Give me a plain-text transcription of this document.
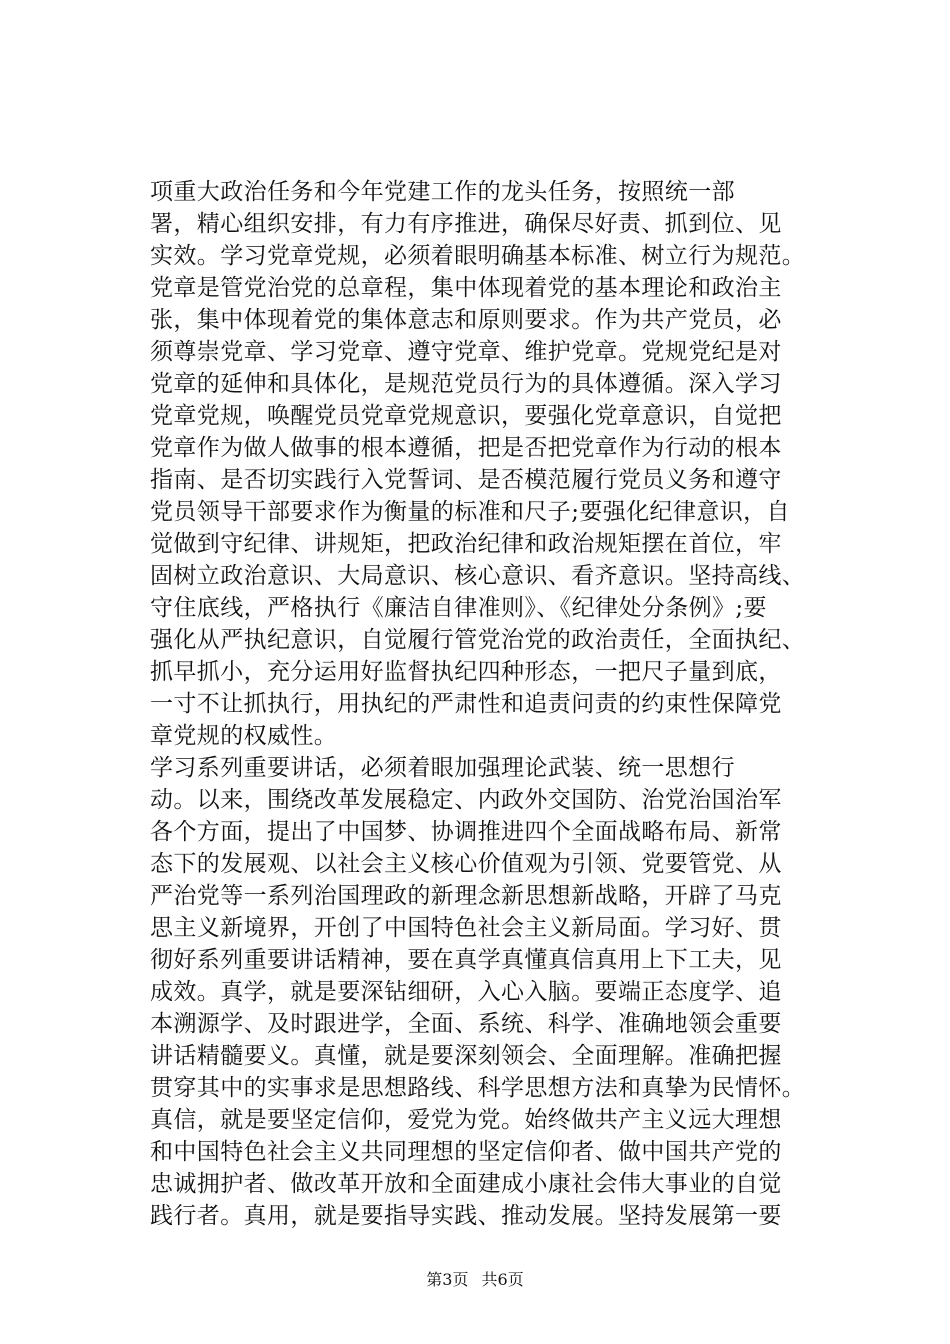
项重大政治任务和今年党建工作的龙头任务，按照统一部
署，精心组织安排，有力有序推进，确保尽好责、抓到位、见
实效。学习党章党规，必须着眼明确基本标准、树立行为规范。
党章是管党治党的总章程，集中体现着党的基本理论和政治主
张，集中体现着党的集体意志和原则要求。作为共产党员，必
须尊崇党章、学习党章、遵守党章、维护党章。党规党纪是对
党章的延伸和具体化，是规范党员行为的具体遵循。深入学习
党章党规，唤醒党员党章党规意识，要强化党章意识，自觉把
党章作为做人做事的根本遵循，把是否把党章作为行动的根本
指南、是否切实践行入党誓词、是否模范履行党员义务和遵守
党员领导干部要求作为衡量的标准和尺子;要强化纪律意识，自
觉做到守纪律、讲规矩，把政治纪律和政治规矩摆在首位，牢
固树立政治意识、大局意识、核心意识、看齐意识。坚持高线、
守住底线，严格执行《廉洁自律准则》、《纪律处分条例》;要
强化从严执纪意识，自觉履行管党治党的政治责任，全面执纪、
抓早抓小，充分运用好监督执纪四种形态，一把尺子量到底，
一寸不让抓执行，用执纪的严肃性和追责问责的约束性保障党
章党规的权威性。
学习系列重要讲话，必须着眼加强理论武装、统一思想行
动。以来，围绕改革发展稳定、内政外交国防、治党治国治军
各个方面，提出了中国梦、协调推进四个全面战略布局、新常
态下的发展观、以社会主义核心价值观为引领、党要管党、从
严治党等一系列治国理政的新理念新思想新战略，开辟了马克
思主义新境界，开创了中国特色社会主义新局面。学习好、贯
彻好系列重要讲话精神，要在真学真懂真信真用上下工夫，见
成效。真学，就是要深钻细研，入心入脑。要端正态度学、追
本溯源学、及时跟进学，全面、系统、科学、准确地领会重要
讲话精髓要义。真懂，就是要深刻领会、全面理解。准确把握
贯穿其中的实事求是思想路线、科学思想方法和真挚为民情怀。
真信，就是要坚定信仰，爱党为党。始终做共产主义远大理想
和中国特色社会主义共同理想的坚定信仰者、做中国共产党的
忠诚拥护者、做改革开放和全面建成小康社会伟大事业的自觉
践行者。真用，就是要指导实践、推动发展。坚持发展第一要
第3页 共6页
